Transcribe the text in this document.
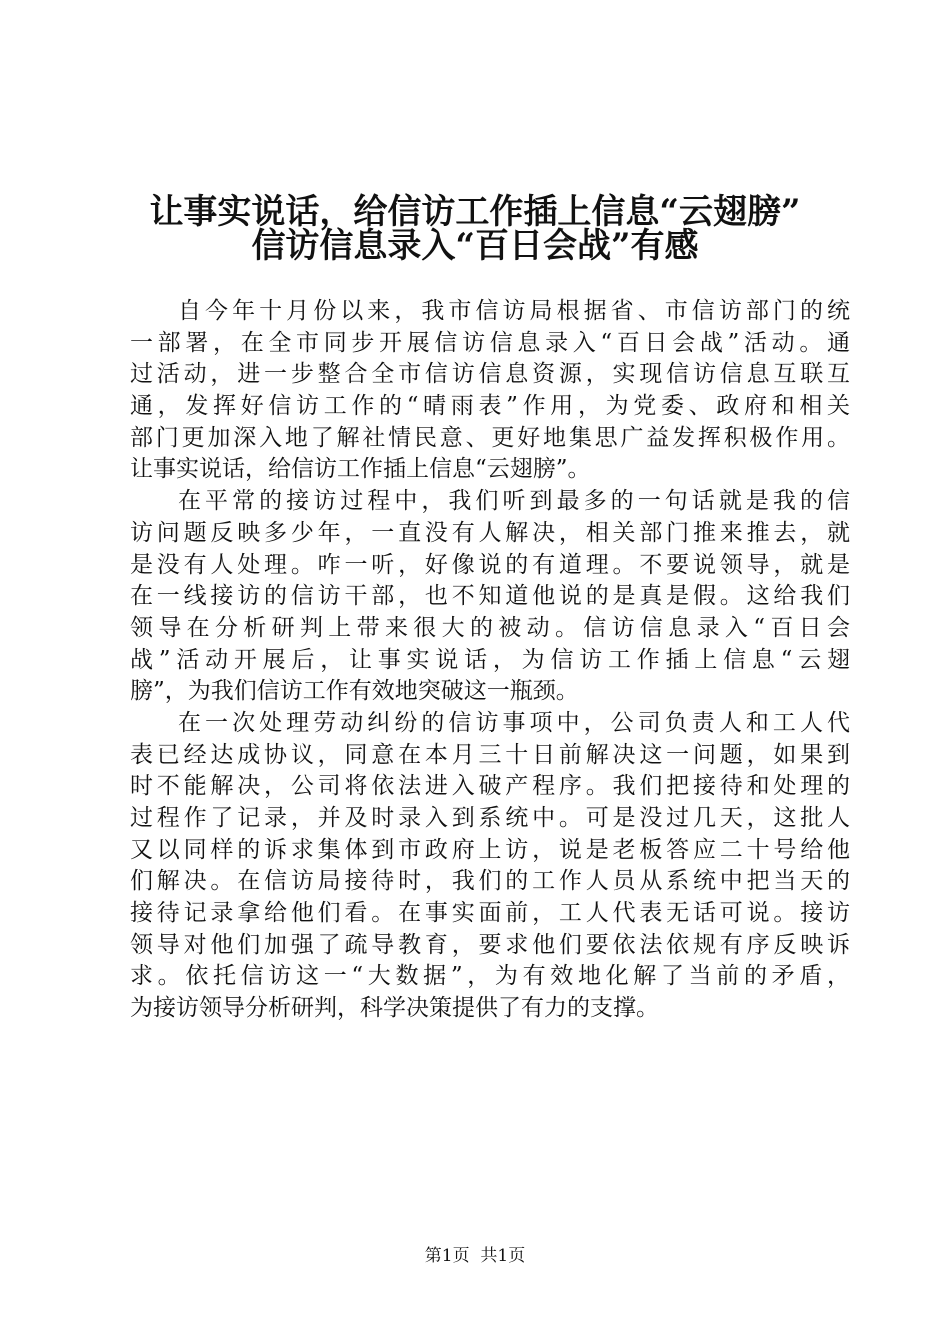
让事实说话，给信访工作插上信息“云翅膀”
信访信息录入“百日会战”有感

自今年十月份以来，我市信访局根据省、市信访部门的统
一部署，在全市同步开展信访信息录入“百日会战”活动。通
过活动，进一步整合全市信访信息资源，实现信访信息互联互
通，发挥好信访工作的“晴雨表”作用，为党委、政府和相关
部门更加深入地了解社情民意、更好地集思广益发挥积极作用。
让事实说话，给信访工作插上信息“云翅膀”。

在平常的接访过程中，我们听到最多的一句话就是我的信
访问题反映多少年，一直没有人解决，相关部门推来推去，就
是没有人处理。咋一听，好像说的有道理。不要说领导，就是
在一线接访的信访干部，也不知道他说的是真是假。这给我们
领导在分析研判上带来很大的被动。信访信息录入“百日会
战”活动开展后，让事实说话，为信访工作插上信息“云翅
膀”，为我们信访工作有效地突破这一瓶颈。

在一次处理劳动纠纷的信访事项中，公司负责人和工人代
表已经达成协议，同意在本月三十日前解决这一问题，如果到
时不能解决，公司将依法进入破产程序。我们把接待和处理的
过程作了记录，并及时录入到系统中。可是没过几天，这批人
又以同样的诉求集体到市政府上访，说是老板答应二十号给他
们解决。在信访局接待时，我们的工作人员从系统中把当天的
接待记录拿给他们看。在事实面前，工人代表无话可说。接访
领导对他们加强了疏导教育，要求他们要依法依规有序反映诉
求。依托信访这一“大数据”，为有效地化解了当前的矛盾，
为接访领导分析研判，科学决策提供了有力的支撑。

第1页  共1页
